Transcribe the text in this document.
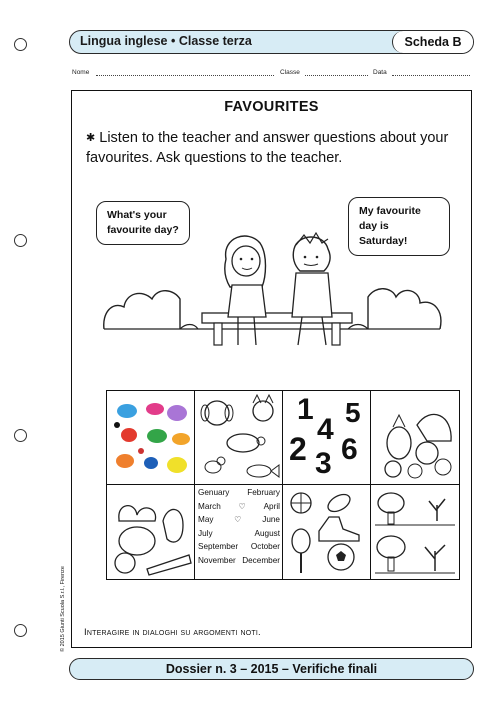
Lingua inglese • Classe terza	Scheda B
Nome	Classe	Data
FAVOURITES
✱ Listen to the teacher and answer questions about your favourites. Ask questions to the teacher.
What's your favourite day?
My favourite day is Saturday!
Interagire in dialoghi su argomenti noti.
1
2
4
5
3 6
Genuary February
March ♡ April
May	♡	June
July	August
September October
November December
© 2015 Giunti Scuola S.r.l., Firenze
Dossier n. 3 – 2015 – Verifiche finali
